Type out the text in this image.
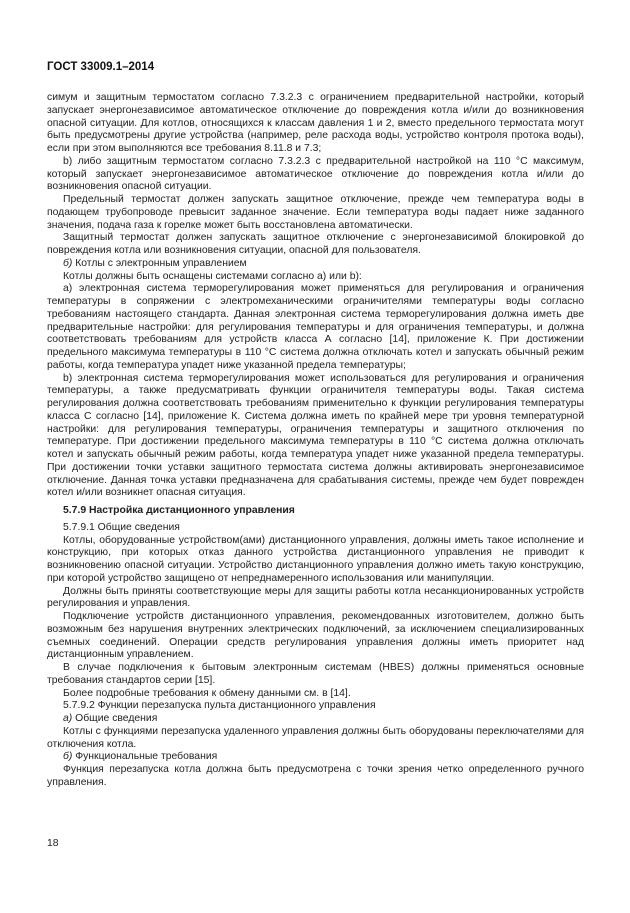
ГОСТ 33009.1–2014

симум и защитным термостатом согласно 7.3.2.3 с ограничением предварительной настройки, который запускает энергонезависимое автоматическое отключение до повреждения котла и/или до возникновения опасной ситуации. Для котлов, относящихся к классам давления 1 и 2, вместо предельного термостата могут быть предусмотрены другие устройства (например, реле расхода воды, устройство контроля протока воды), если при этом выполняются все требования 8.11.8 и 7.3;

b) либо защитным термостатом согласно 7.3.2.3 с предварительной настройкой на 110 °C максимум, который запускает энергонезависимое автоматическое отключение до повреждения котла и/или до возникновения опасной ситуации.

Предельный термостат должен запускать защитное отключение, прежде чем температура воды в подающем трубопроводе превысит заданное значение. Если температура воды падает ниже заданного значения, подача газа к горелке может быть восстановлена автоматически.

Защитный термостат должен запускать защитное отключение с энергонезависимой блокировкой до повреждения котла или возникновения ситуации, опасной для пользователя.

б) Котлы с электронным управлением

Котлы должны быть оснащены системами согласно а) или b):

а) электронная система терморегулирования может применяться для регулирования и ограничения температуры в сопряжении с электромеханическими ограничителями температуры воды согласно требованиям настоящего стандарта. Данная электронная система терморегулирования должна иметь две предварительные настройки: для регулирования температуры и для ограничения температуры, и должна соответствовать требованиям для устройств класса А согласно [14], приложение К. При достижении предельного максимума температуры в 110 °C система должна отключать котел и запускать обычный режим работы, когда температура упадет ниже указанной предела температуры;

b) электронная система терморегулирования может использоваться для регулирования и ограничения температуры, а также предусматривать функции ограничителя температуры воды. Такая система регулирования должна соответствовать требованиям применительно к функции регулирования температуры класса С согласно [14], приложение К. Система должна иметь по крайней мере три уровня температурной настройки: для регулирования температуры, ограничения температуры и защитного отключения по температуре. При достижении предельного максимума температуры в 110 °C система должна отключать котел и запускать обычный режим работы, когда температура упадет ниже указанной предела температуры. При достижении точки уставки защитного термостата система должны активировать энергонезависимое отключение. Данная точка уставки предназначена для срабатывания системы, прежде чем будет поврежден котел и/или возникнет опасная ситуация.

5.7.9 Настройка дистанционного управления

5.7.9.1 Общие сведения

Котлы, оборудованные устройством(ами) дистанционного управления, должны иметь такое исполнение и конструкцию, при которых отказ данного устройства дистанционного управления не приводит к возникновению опасной ситуации. Устройство дистанционного управления должно иметь такую конструкцию, при которой устройство защищено от непреднамеренного использования или манипуляции.

Должны быть приняты соответствующие меры для защиты работы котла несанкционированных устройств регулирования и управления.

Подключение устройств дистанционного управления, рекомендованных изготовителем, должно быть возможным без нарушения внутренних электрических подключений, за исключением специализированных съемных соединений. Операции средств регулирования управления должны иметь приоритет над дистанционным управлением.

В случае подключения к бытовым электронным системам (HBES) должны применяться основные требования стандартов серии [15].

Более подробные требования к обмену данными см. в [14].

5.7.9.2 Функции перезапуска пульта дистанционного управления

а) Общие сведения

Котлы с функциями перезапуска удаленного управления должны быть оборудованы переключателями для отключения котла.

б) Функциональные требования

Функция перезапуска котла должна быть предусмотрена с точки зрения четко определенного ручного управления.

18
